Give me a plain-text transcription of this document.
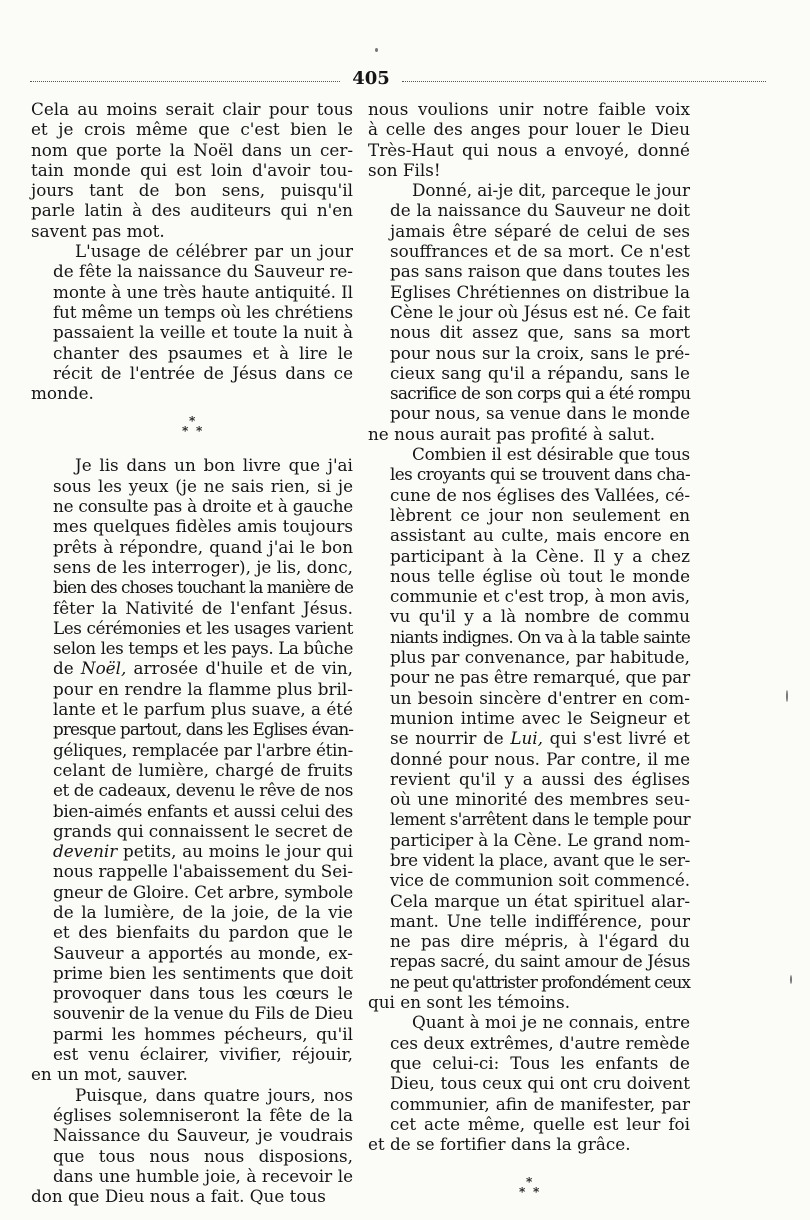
405

Cela au moins serait clair pour tous
et je crois même que c'est bien le
nom que porte la Noël dans un cer-
tain monde qui est loin d'avoir tou-
jours tant de bon sens, puisqu'il
parle latin à des auditeurs qui n'en
savent pas mot.

L'usage de célébrer par un jour
de fête la naissance du Sauveur re-
monte à une très haute antiquité. Il
fut même un temps où les chrétiens
passaient la veille et toute la nuit à
chanter des psaumes et à lire le
récit de l'entrée de Jésus dans ce
monde.

*
* *

Je lis dans un bon livre que j'ai
sous les yeux (je ne sais rien, si je
ne consulte pas à droite et à gauche
mes quelques fidèles amis toujours
prêts à répondre, quand j'ai le bon
sens de les interroger), je lis, donc,
bien des choses touchant la manière de
fêter la Nativité de l'enfant Jésus.
Les cérémonies et les usages varient
selon les temps et les pays. La bûche
de Noël, arrosée d'huile et de vin,
pour en rendre la flamme plus bril-
lante et le parfum plus suave, a été
presque partout, dans les Eglises évan-
géliques, remplacée par l'arbre étin-
celant de lumière, chargé de fruits
et de cadeaux, devenu le rêve de nos
bien-aimés enfants et aussi celui des
grands qui connaissent le secret de
devenir petits, au moins le jour qui
nous rappelle l'abaissement du Sei-
gneur de Gloire. Cet arbre, symbole
de la lumière, de la joie, de la vie
et des bienfaits du pardon que le
Sauveur a apportés au monde, ex-
prime bien les sentiments que doit
provoquer dans tous les cœurs le
souvenir de la venue du Fils de Dieu
parmi les hommes pécheurs, qu'il
est venu éclairer, vivifier, réjouir,
en un mot, sauver.

Puisque, dans quatre jours, nos
églises solemniseront la fête de la
Naissance du Sauveur, je voudrais
que tous nous nous disposions,
dans une humble joie, à recevoir le
don que Dieu nous a fait. Que tous

nous voulions unir notre faible voix
à celle des anges pour louer le Dieu
Très-Haut qui nous a envoyé, donné
son Fils!

Donné, ai-je dit, parceque le jour
de la naissance du Sauveur ne doit
jamais être séparé de celui de ses
souffrances et de sa mort. Ce n'est
pas sans raison que dans toutes les
Eglises Chrétiennes on distribue la
Cène le jour où Jésus est né. Ce fait
nous dit assez que, sans sa mort
pour nous sur la croix, sans le pré-
cieux sang qu'il a répandu, sans le
sacrifice de son corps qui a été rompu
pour nous, sa venue dans le monde
ne nous aurait pas profité à salut.

Combien il est désirable que tous
les croyants qui se trouvent dans cha-
cune de nos églises des Vallées, cé-
lèbrent ce jour non seulement en
assistant au culte, mais encore en
participant à la Cène. Il y a chez
nous telle église où tout le monde
communie et c'est trop, à mon avis,
vu qu'il y a là nombre de commu
niants indignes. On va à la table sainte
plus par convenance, par habitude,
pour ne pas être remarqué, que par
un besoin sincère d'entrer en com-
munion intime avec le Seigneur et
se nourrir de Lui, qui s'est livré et
donné pour nous. Par contre, il me
revient qu'il y a aussi des églises
où une minorité des membres seu-
lement s'arrêtent dans le temple pour
participer à la Cène. Le grand nom-
bre vident la place, avant que le ser-
vice de communion soit commencé.
Cela marque un état spirituel alar-
mant. Une telle indifférence, pour
ne pas dire mépris, à l'égard du
repas sacré, du saint amour de Jésus
ne peut qu'attrister profondément ceux
qui en sont les témoins.

Quant à moi je ne connais, entre
ces deux extrêmes, d'autre remède
que celui-ci: Tous les enfants de
Dieu, tous ceux qui ont cru doivent
communier, afin de manifester, par
cet acte même, quelle est leur foi
et de se fortifier dans la grâce.

*
* *
